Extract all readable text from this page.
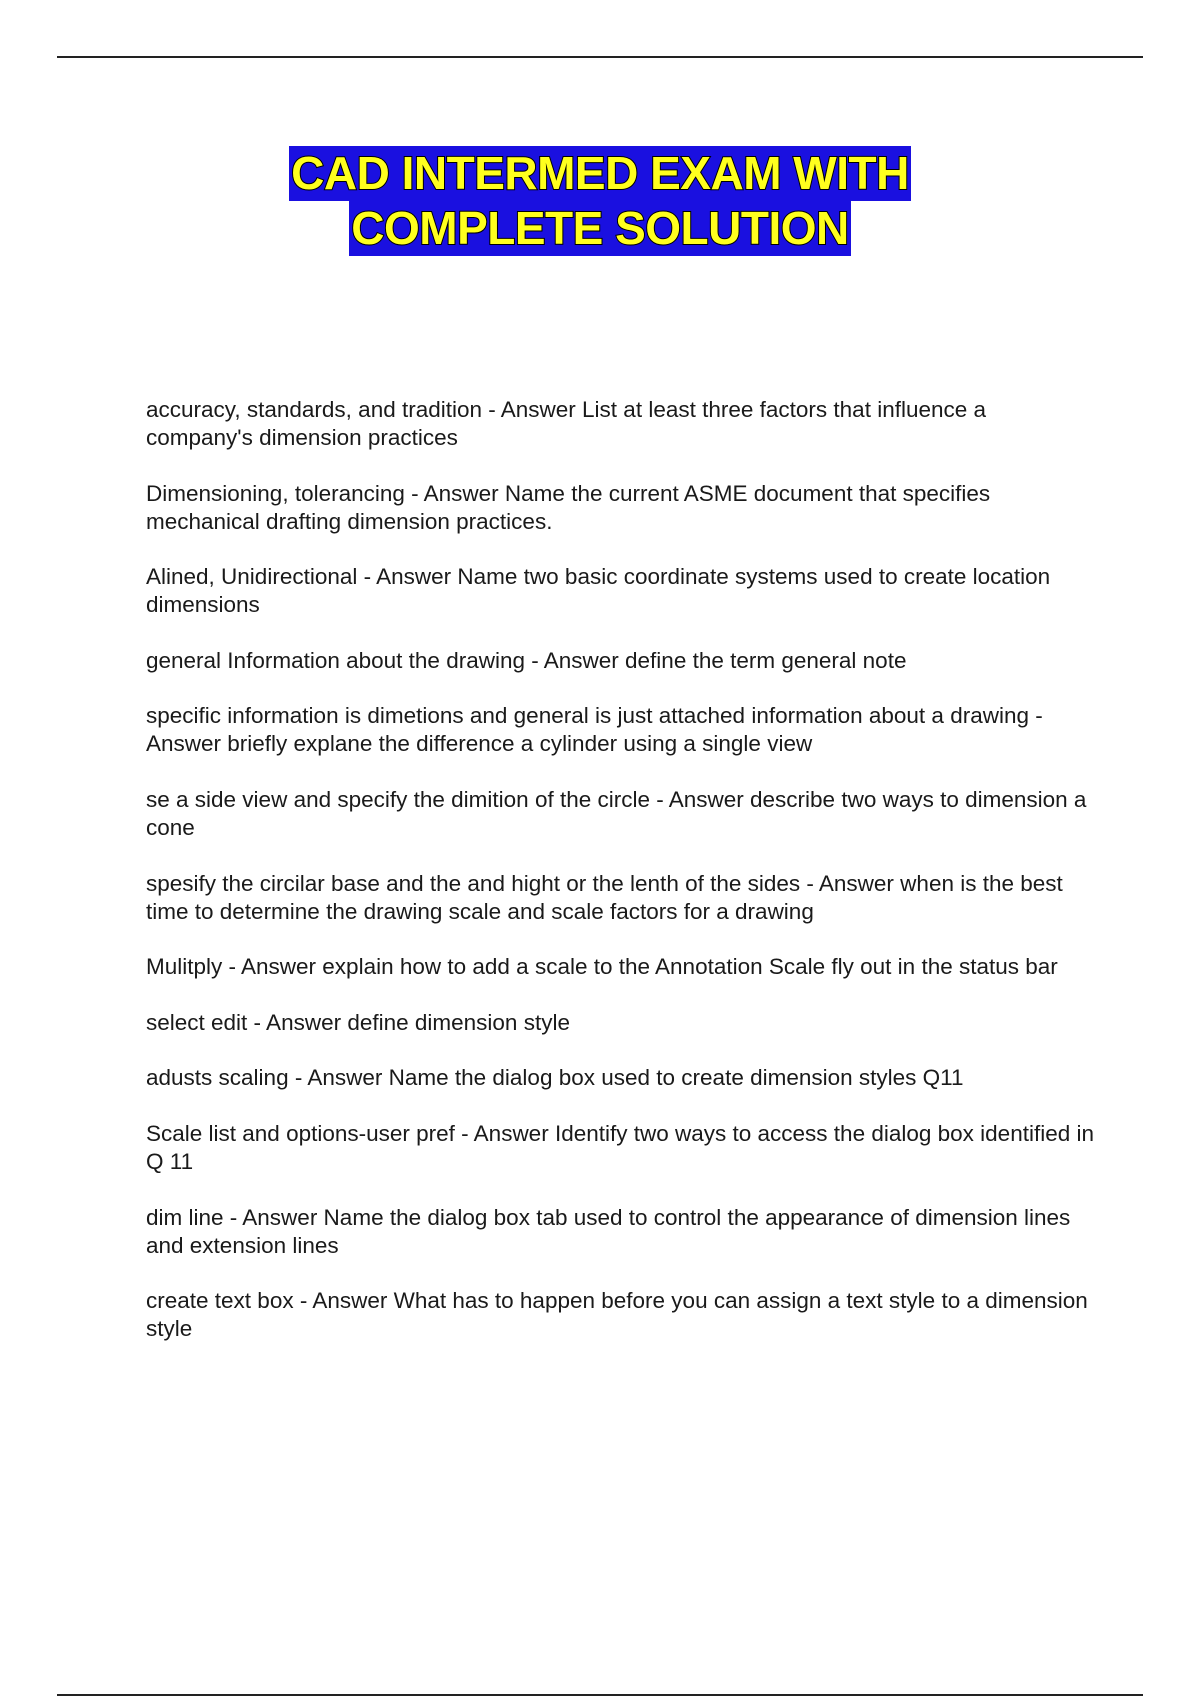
CAD INTERMED EXAM WITH
COMPLETE SOLUTION
accuracy, standards, and tradition - Answer List at least three factors that influence a company's dimension practices
Dimensioning, tolerancing - Answer Name the current ASME document that specifies mechanical drafting dimension practices.
Alined, Unidirectional - Answer Name two basic coordinate systems used to create location dimensions
general Information about the drawing - Answer define the term general note
specific information is dimetions and general is just attached information about a drawing - Answer briefly explane the difference a cylinder using a single view
se a side view and specify the dimition of the circle - Answer describe two ways to dimension a cone
spesify the circilar base and the and hight or the lenth of the sides - Answer when is the best time to determine the drawing scale and scale factors for a drawing
Mulitply - Answer explain how to add a scale to the Annotation Scale fly out in the status bar
select edit - Answer define dimension style
adusts scaling - Answer Name the dialog box used to create dimension styles Q11
Scale list and options-user pref - Answer Identify two ways to access the dialog box identified in Q 11
dim line - Answer Name the dialog box tab used to control the appearance of dimension lines and extension lines
create text box - Answer What has to happen before you can assign a text style to a dimension style
